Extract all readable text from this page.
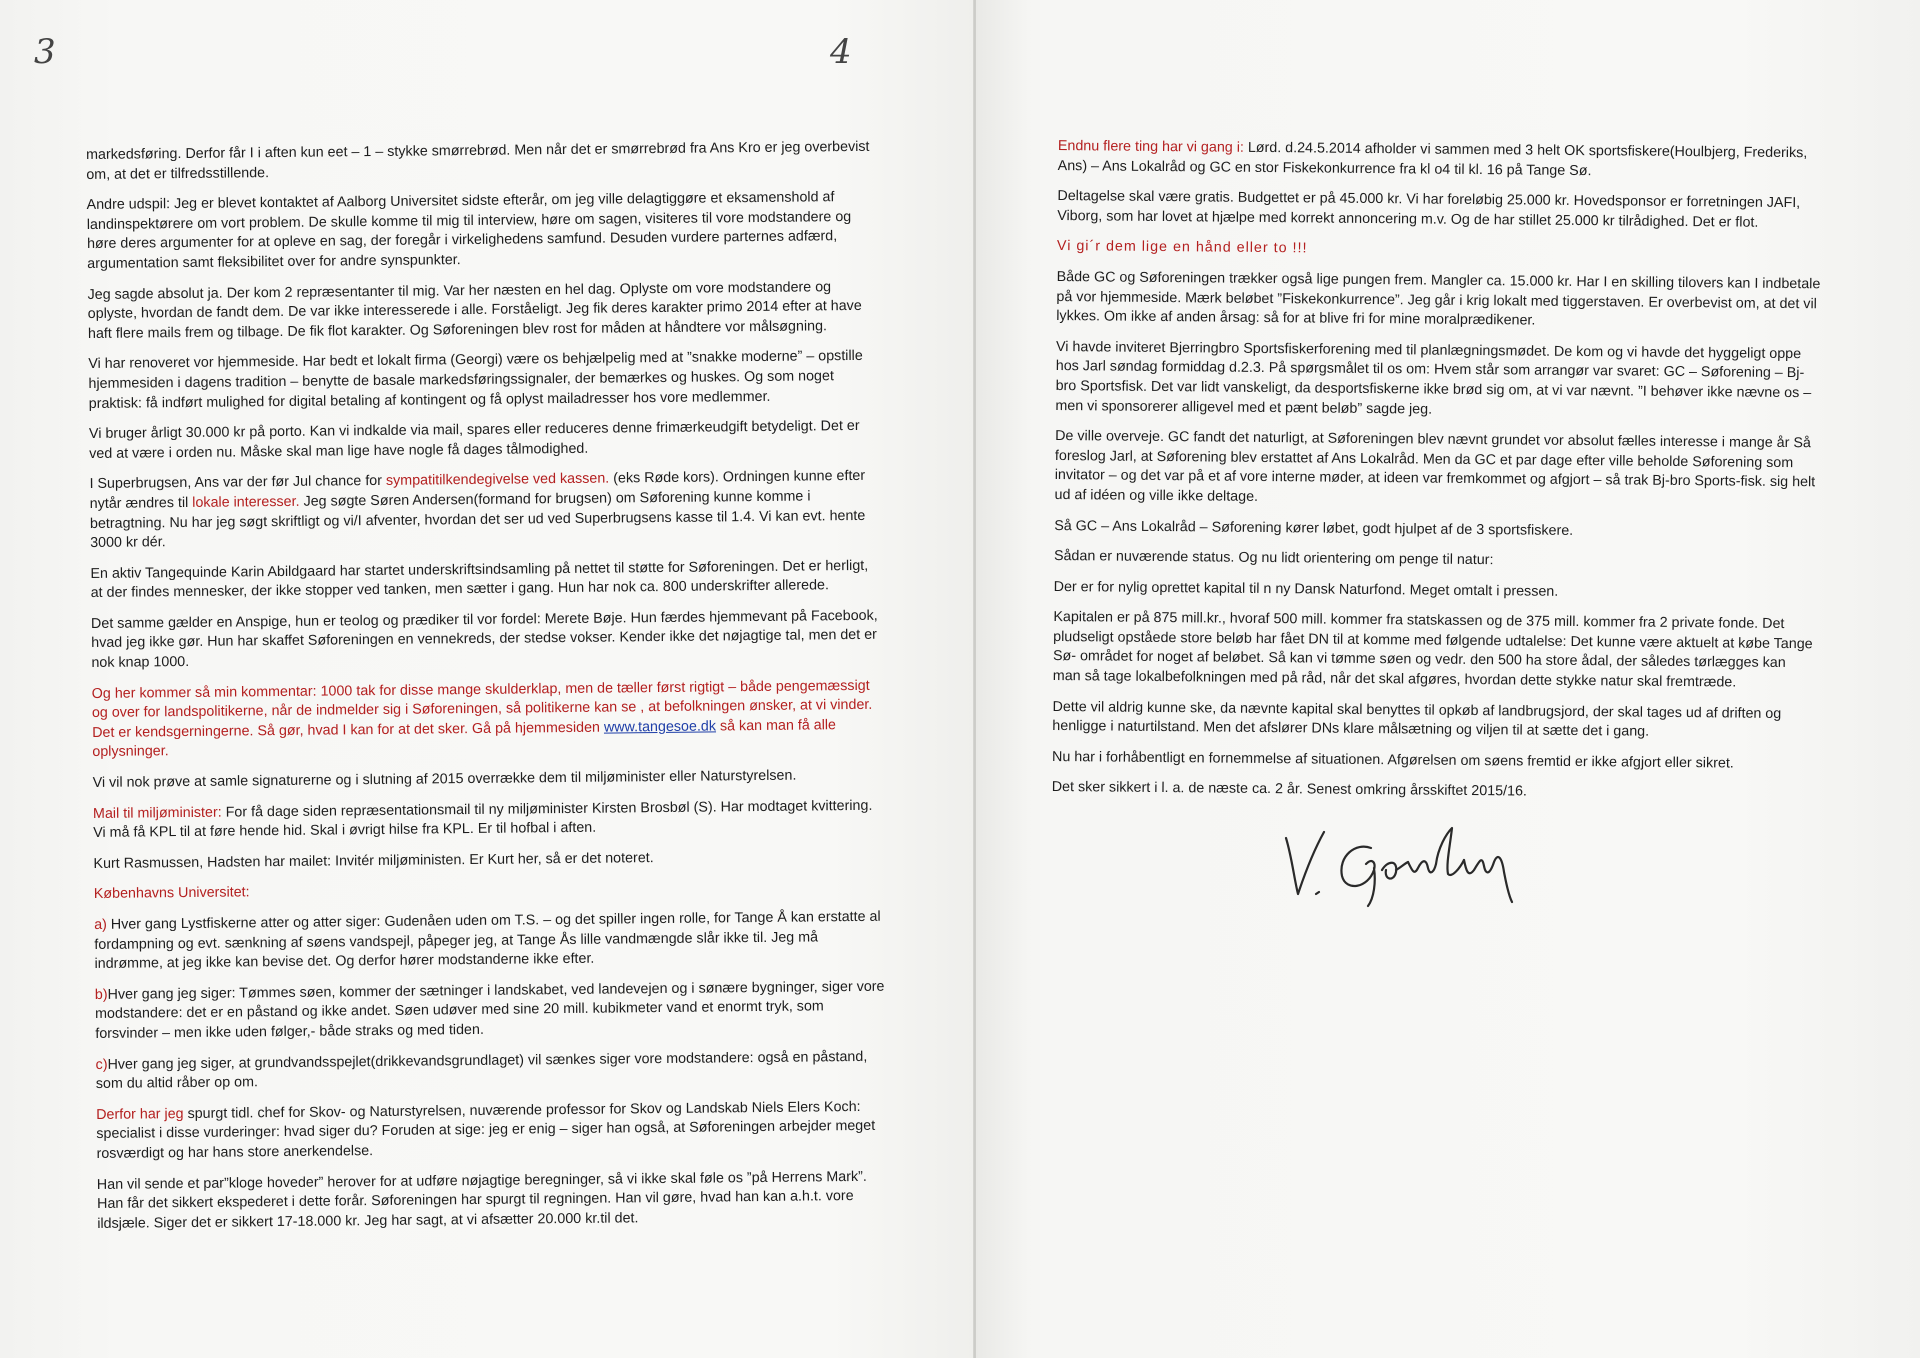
3

markedsføring. Derfor får I i aften kun eet – 1 – stykke smørrebrød. Men når det er smørrebrød fra Ans Kro er jeg overbevist om, at det er tilfredsstillende.

Andre udspil: Jeg er blevet kontaktet af Aalborg Universitet sidste efterår, om jeg ville delagtiggøre et eksamenshold af landinspektørere om vort problem. De skulle komme til mig til interview, høre om sagen, visiteres til vore modstandere og høre deres argumenter for at opleve en sag, der foregår i virkelighedens samfund. Desuden vurdere parternes adfærd, argumentation samt fleksibilitet over for andre synspunkter.

Jeg sagde absolut ja. Der kom 2 repræsentanter til mig. Var her næsten en hel dag. Oplyste om vore modstandere og oplyste, hvordan de fandt dem. De var ikke interesserede i alle. Forståeligt. Jeg fik deres karakter primo 2014 efter at have haft flere mails frem og tilbage. De fik flot karakter. Og Søforeningen blev rost for måden at håndtere vor målsøgning.

Vi har renoveret vor hjemmeside. Har bedt et lokalt firma (Georgi) være os behjælpelig med at ”snakke moderne” – opstille hjemmesiden i dagens tradition – benytte de basale markedsføringssignaler, der bemærkes og huskes. Og som noget praktisk: få indført mulighed for digital betaling af kontingent og få oplyst mailadresser hos vore medlemmer.

Vi bruger årligt 30.000 kr på porto. Kan vi indkalde via mail, spares eller reduceres denne frimærkeudgift betydeligt. Det er ved at være i orden nu. Måske skal man lige have nogle få dages tålmodighed.

I Superbrugsen, Ans var der før Jul chance for sympatitilkendegivelse ved kassen. (eks Røde kors). Ordningen kunne efter nytår ændres til lokale interesser. Jeg søgte Søren Andersen(formand for brugsen) om Søforening kunne komme i betragtning. Nu har jeg søgt skriftligt og vi/I afventer, hvordan det ser ud ved Superbrugsens kasse til 1.4. Vi kan evt. hente 3000 kr dér.

En aktiv Tangequinde Karin Abildgaard har startet underskriftsindsamling på nettet til støtte for Søforeningen. Det er herligt, at der findes mennesker, der ikke stopper ved tanken, men sætter i gang. Hun har nok ca. 800 underskrifter allerede.

Det samme gælder en Anspige, hun er teolog og prædiker til vor fordel: Merete Bøje. Hun færdes hjemmevant på Facebook, hvad jeg ikke gør. Hun har skaffet Søforeningen en vennekreds, der stedse vokser. Kender ikke det nøjagtige tal, men det er nok knap 1000.

Og her kommer så min kommentar: 1000 tak for disse mange skulderklap, men de tæller først rigtigt – både pengemæssigt og over for landspolitikerne, når de indmelder sig i Søforeningen, så politikerne kan se , at befolkningen ønsker, at vi vinder. Det er kendsgerningerne. Så gør, hvad I kan for at det sker. Gå på hjemmesiden www.tangesoe.dk så kan man få alle oplysninger.

Vi vil nok prøve at samle signaturerne og i slutning af 2015 overrække dem til miljøminister eller Naturstyrelsen.

Mail til miljøminister: For få dage siden repræsentationsmail til ny miljøminister Kirsten Brosbøl (S). Har modtaget kvittering. Vi må få KPL til at føre hende hid. Skal i øvrigt hilse fra KPL. Er til hofbal i aften.

Kurt Rasmussen, Hadsten har mailet: Invitér miljøministen. Er Kurt her, så er det noteret.

Københavns Universitet:

a) Hver gang Lystfiskerne atter og atter siger: Gudenåen uden om T.S. – og det spiller ingen rolle, for Tange Å kan erstatte al fordampning og evt. sænkning af søens vandspejl, påpeger jeg, at Tange Ås lille vandmængde slår ikke til. Jeg må indrømme, at jeg ikke kan bevise det. Og derfor hører modstanderne ikke efter.

b)Hver gang jeg siger: Tømmes søen, kommer der sætninger i landskabet, ved landevejen og i sønære bygninger, siger vore modstandere: det er en påstand og ikke andet. Søen udøver med sine 20 mill. kubikmeter vand et enormt tryk, som forsvinder – men ikke uden følger,- både straks og med tiden.

c)Hver gang jeg siger, at grundvandsspejlet(drikkevandsgrundlaget) vil sænkes siger vore modstandere: også en påstand, som du altid råber op om.

Derfor har jeg spurgt tidl. chef for Skov- og Naturstyrelsen, nuværende professor for Skov og Landskab Niels Elers Koch: specialist i disse vurderinger: hvad siger du? Foruden at sige: jeg er enig – siger han også, at Søforeningen arbejder meget rosværdigt og har hans store anerkendelse.

Han vil sende et par”kloge hoveder” herover for at udføre nøjagtige beregninger, så vi ikke skal føle os ”på Herrens Mark”. Han får det sikkert ekspederet i dette forår. Søforeningen har spurgt til regningen. Han vil gøre, hvad han kan a.h.t. vore ildsjæle. Siger det er sikkert 17-18.000 kr. Jeg har sagt, at vi afsætter 20.000 kr.til det.

4

Endnu flere ting har vi gang i: Lørd. d.24.5.2014 afholder vi sammen med 3 helt OK sportsfiskere(Houlbjerg, Frederiks, Ans) – Ans Lokalråd og GC en stor Fiskekonkurrence fra kl o4 til kl. 16 på Tange Sø.

Deltagelse skal være gratis. Budgettet er på 45.000 kr. Vi har foreløbig 25.000 kr. Hovedsponsor er forretningen JAFI, Viborg, som har lovet at hjælpe med korrekt annoncering m.v. Og de har stillet 25.000 kr tilrådighed. Det er flot.

Vi gi´r dem lige en hånd eller to !!!

Både GC og Søforeningen trækker også lige pungen frem. Mangler ca. 15.000 kr. Har I en skilling tilovers kan I indbetale på vor hjemmeside. Mærk beløbet ”Fiskekonkurrence”. Jeg går i krig lokalt med tiggerstaven. Er overbevist om, at det vil lykkes. Om ikke af anden årsag: så for at blive fri for mine moralprædikener.

Vi havde inviteret Bjerringbro Sportsfiskerforening med til planlægningsmødet. De kom og vi havde det hyggeligt oppe hos Jarl søndag formiddag d.2.3. På spørgsmålet til os om: Hvem står som arrangør var svaret: GC – Søforening – Bj-bro Sportsfisk. Det var lidt vanskeligt, da desportsfiskerne ikke brød sig om, at vi var nævnt. ”I behøver ikke nævne os – men vi sponsorerer alligevel med et pænt beløb” sagde jeg.

De ville overveje. GC fandt det naturligt, at Søforeningen blev nævnt grundet vor absolut fælles interesse i mange år Så foreslog Jarl, at Søforening blev erstattet af Ans Lokalråd. Men da GC et par dage efter ville beholde Søforening som invitator – og det var på et af vore interne møder, at ideen var fremkommet og afgjort – så trak Bj-bro Sports-fisk. sig helt ud af idéen og ville ikke deltage.

Så GC – Ans Lokalråd – Søforening kører løbet, godt hjulpet af de 3 sportsfiskere.

Sådan er nuværende status. Og nu lidt orientering om penge til natur:

Der er for nylig oprettet kapital til n ny Dansk Naturfond. Meget omtalt i pressen.

Kapitalen er på 875 mill.kr., hvoraf 500 mill. kommer fra statskassen og de 375 mill. kommer fra 2 private fonde. Det pludseligt opståede store beløb har fået DN til at komme med følgende udtalelse: Det kunne være aktuelt at købe Tange Sø- området for noget af beløbet. Så kan vi tømme søen og vedr. den 500 ha store ådal, der således tørlægges kan man så tage lokalbefolkningen med på råd, når det skal afgøres, hvordan dette stykke natur skal fremtræde.

Dette vil aldrig kunne ske, da nævnte kapital skal benyttes til opkøb af landbrugsjord, der skal tages ud af driften og henligge i naturtilstand. Men det afslører DNs klare målsætning og viljen til at sætte det i gang.

Nu har i forhåbentligt en fornemmelse af situationen. Afgørelsen om søens fremtid er ikke afgjort eller sikret.

Det sker sikkert i l. a. de næste ca. 2 år. Senest omkring årsskiftet 2015/16.
